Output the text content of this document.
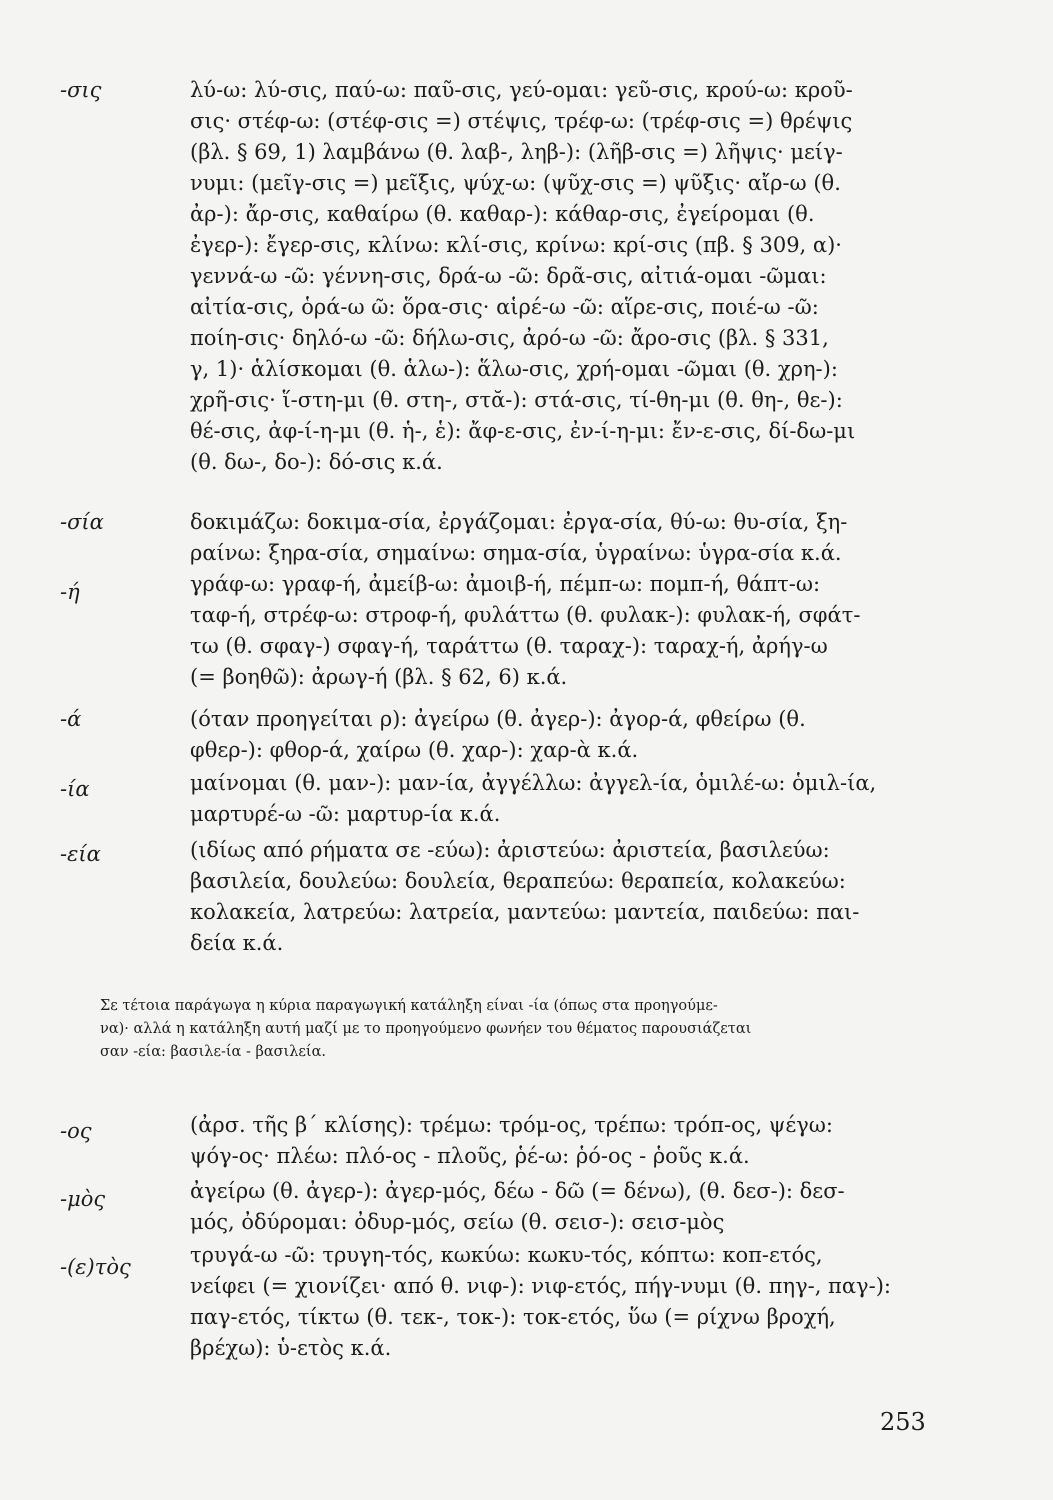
-σις	λύ-ω: λύ-σις, παύ-ω: παῦ-σις, γεύ-ομαι: γεῦ-σις, κρού-ω: κροῦ-
σις· στέφ-ω: (στέφ-σις =) στέψις, τρέφ-ω: (τρέφ-σις =) θρέψις
(βλ. § 69, 1) λαμβάνω (θ. λαβ-, ληβ-): (λῆβ-σις =) λῆψις· μείγ-
νυμι: (μεῖγ-σις =) μεῖξις, ψύχ-ω: (ψῦχ-σις =) ψῦξις· αἴρ-ω (θ.
ἀρ-): ἄρ-σις, καθαίρω (θ. καθαρ-): κάθαρ-σις, ἐγείρομαι (θ.
ἐγερ-): ἔγερ-σις, κλίνω: κλί-σις, κρίνω: κρί-σις (πβ. § 309, α)·
γεννά-ω -ῶ: γέννη-σις, δρά-ω -ῶ: δρᾶ-σις, αἰτιά-ομαι -ῶμαι:
αἰτία-σις, ὁρά-ω ῶ: ὅρα-σις· αἱρέ-ω -ῶ: αἵρε-σις, ποιέ-ω -ῶ:
ποίη-σις· δηλό-ω -ῶ: δήλω-σις, ἀρό-ω -ῶ: ἄρο-σις (βλ. § 331,
γ, 1)· ἁλίσκομαι (θ. ἁλω-): ἅλω-σις, χρή-ομαι -ῶμαι (θ. χρη-):
χρῆ-σις· ἵ-στη-μι (θ. στη-, στᾰ-): στά-σις, τί-θη-μι (θ. θη-, θε-):
θέ-σις, ἀφ-ί-η-μι (θ. ἡ-, ἑ): ἄφ-ε-σις, ἐν-ί-η-μι: ἔν-ε-σις, δί-δω-μι
(θ. δω-, δο-): δό-σις κ.ά.
-σία	δοκιμάζω: δοκιμα-σία, ἐργάζομαι: ἐργα-σία, θύ-ω: θυ-σία, ξη-
ραίνω: ξηρα-σία, σημαίνω: σημα-σία, ὑγραίνω: ὑγρα-σία κ.ά.
-ή	γράφ-ω: γραφ-ή, ἀμείβ-ω: ἀμοιβ-ή, πέμπ-ω: πομπ-ή, θάπτ-ω:
ταφ-ή, στρέφ-ω: στροφ-ή, φυλάττω (θ. φυλακ-): φυλακ-ή, σφάτ-
τω (θ. σφαγ-) σφαγ-ή, ταράττω (θ. ταραχ-): ταραχ-ή, ἀρήγ-ω
(= βοηθῶ): ἀρωγ-ή (βλ. § 62, 6) κ.ά.
-ά	(όταν προηγείται ρ): ἀγείρω (θ. ἀγερ-): ἀγορ-ά, φθείρω (θ.
φθερ-): φθορ-ά, χαίρω (θ. χαρ-): χαρ-ὰ κ.ά.
-ία	μαίνομαι (θ. μαν-): μαν-ία, ἀγγέλλω: ἀγγελ-ία, ὁμιλέ-ω: ὁμιλ-ία,
μαρτυρέ-ω -ῶ: μαρτυρ-ία κ.ά.
-εία	(ιδίως από ρήματα σε -εύω): ἀριστεύω: ἀριστεία, βασιλεύω:
βασιλεία, δουλεύω: δουλεία, θεραπεύω: θεραπεία, κολακεύω:
κολακεία, λατρεύω: λατρεία, μαντεύω: μαντεία, παιδεύω: παι-
δεία κ.ά.
Σε τέτοια παράγωγα η κύρια παραγωγική κατάληξη είναι -ία (όπως στα προηγούμε-
να)· αλλά η κατάληξη αυτή μαζί με το προηγούμενο φωνήεν του θέματος παρουσιάζεται
σαν -εία: βασιλε-ία - βασιλεία.
-ος	(ἀρσ. τῆς β΄ κλίσης): τρέμω: τρόμ-ος, τρέπω: τρόπ-ος, ψέγω:
ψόγ-ος· πλέω: πλό-ος - πλοῦς, ῥέ-ω: ῥό-ος - ῥοῦς κ.ά.
-μὸς	ἀγείρω (θ. ἀγερ-): ἀγερ-μός, δέω - δῶ (= δένω), (θ. δεσ-): δεσ-
μός, ὀδύρομαι: ὀδυρ-μός, σείω (θ. σεισ-): σεισ-μὸς
-(ε)τὸς	τρυγά-ω -ῶ: τρυγη-τός, κωκύω: κωκυ-τός, κόπτω: κοπ-ετός,
νείφει (= χιονίζει· από θ. νιφ-): νιφ-ετός, πήγ-νυμι (θ. πηγ-, παγ-):
παγ-ετός, τίκτω (θ. τεκ-, τοκ-): τοκ-ετός, ὕω (= ρίχνω βροχή,
βρέχω): ὑ-ετὸς κ.ά.
253
